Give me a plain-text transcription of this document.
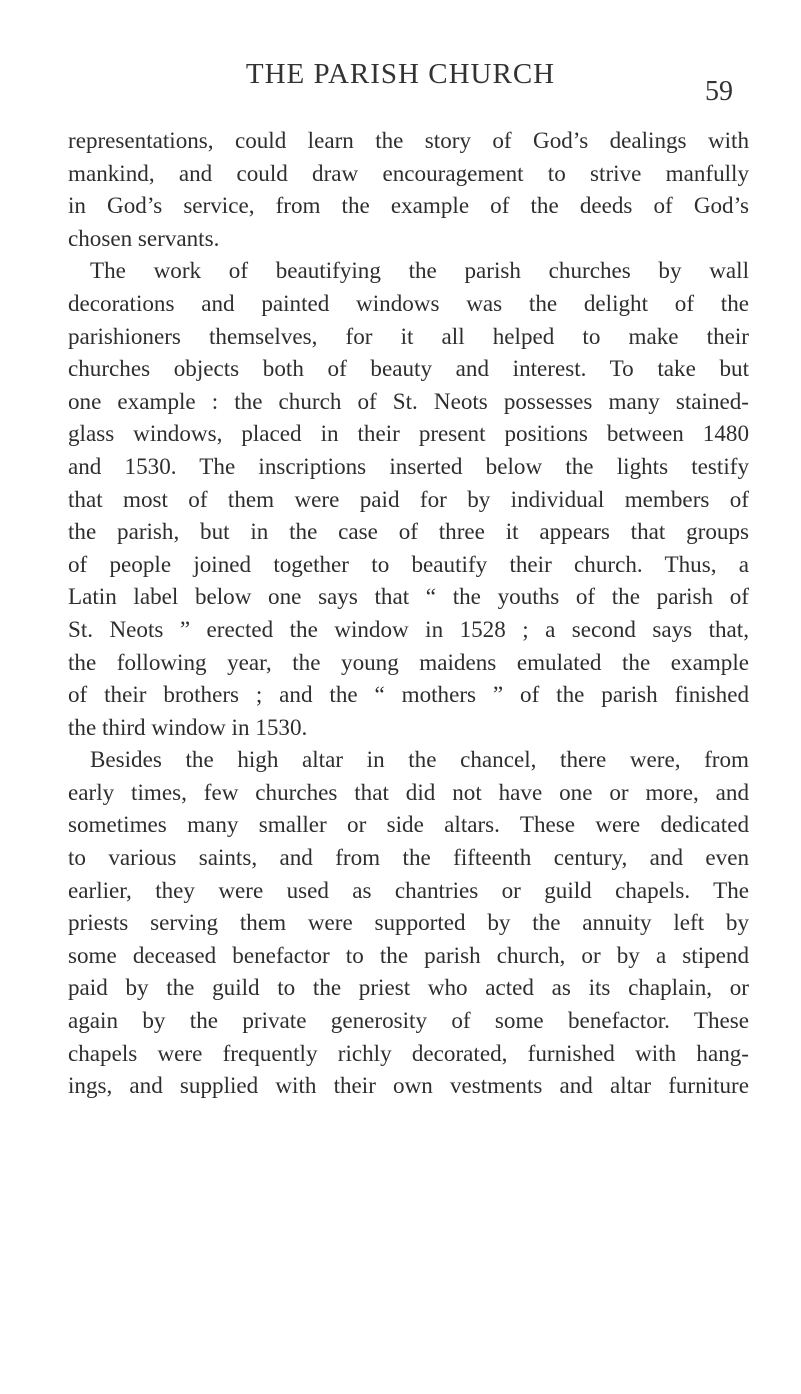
THE PARISH CHURCH
59

representations, could learn the story of God’s dealings with
mankind, and could draw encouragement to strive manfully
in God’s service, from the example of the deeds of God’s
chosen servants.

The work of beautifying the parish churches by wall
decorations and painted windows was the delight of the
parishioners themselves, for it all helped to make their
churches objects both of beauty and interest. To take but
one example : the church of St. Neots possesses many stained-
glass windows, placed in their present positions between 1480
and 1530. The inscriptions inserted below the lights testify
that most of them were paid for by individual members of
the parish, but in the case of three it appears that groups
of people joined together to beautify their church. Thus, a
Latin label below one says that “ the youths of the parish of
St. Neots ” erected the window in 1528 ; a second says that,
the following year, the young maidens emulated the example
of their brothers ; and the “ mothers ” of the parish finished
the third window in 1530.

Besides the high altar in the chancel, there were, from
early times, few churches that did not have one or more, and
sometimes many smaller or side altars. These were dedicated
to various saints, and from the fifteenth century, and even
earlier, they were used as chantries or guild chapels. The
priests serving them were supported by the annuity left by
some deceased benefactor to the parish church, or by a stipend
paid by the guild to the priest who acted as its chaplain, or
again by the private generosity of some benefactor. These
chapels were frequently richly decorated, furnished with hang-
ings, and supplied with their own vestments and altar furniture
